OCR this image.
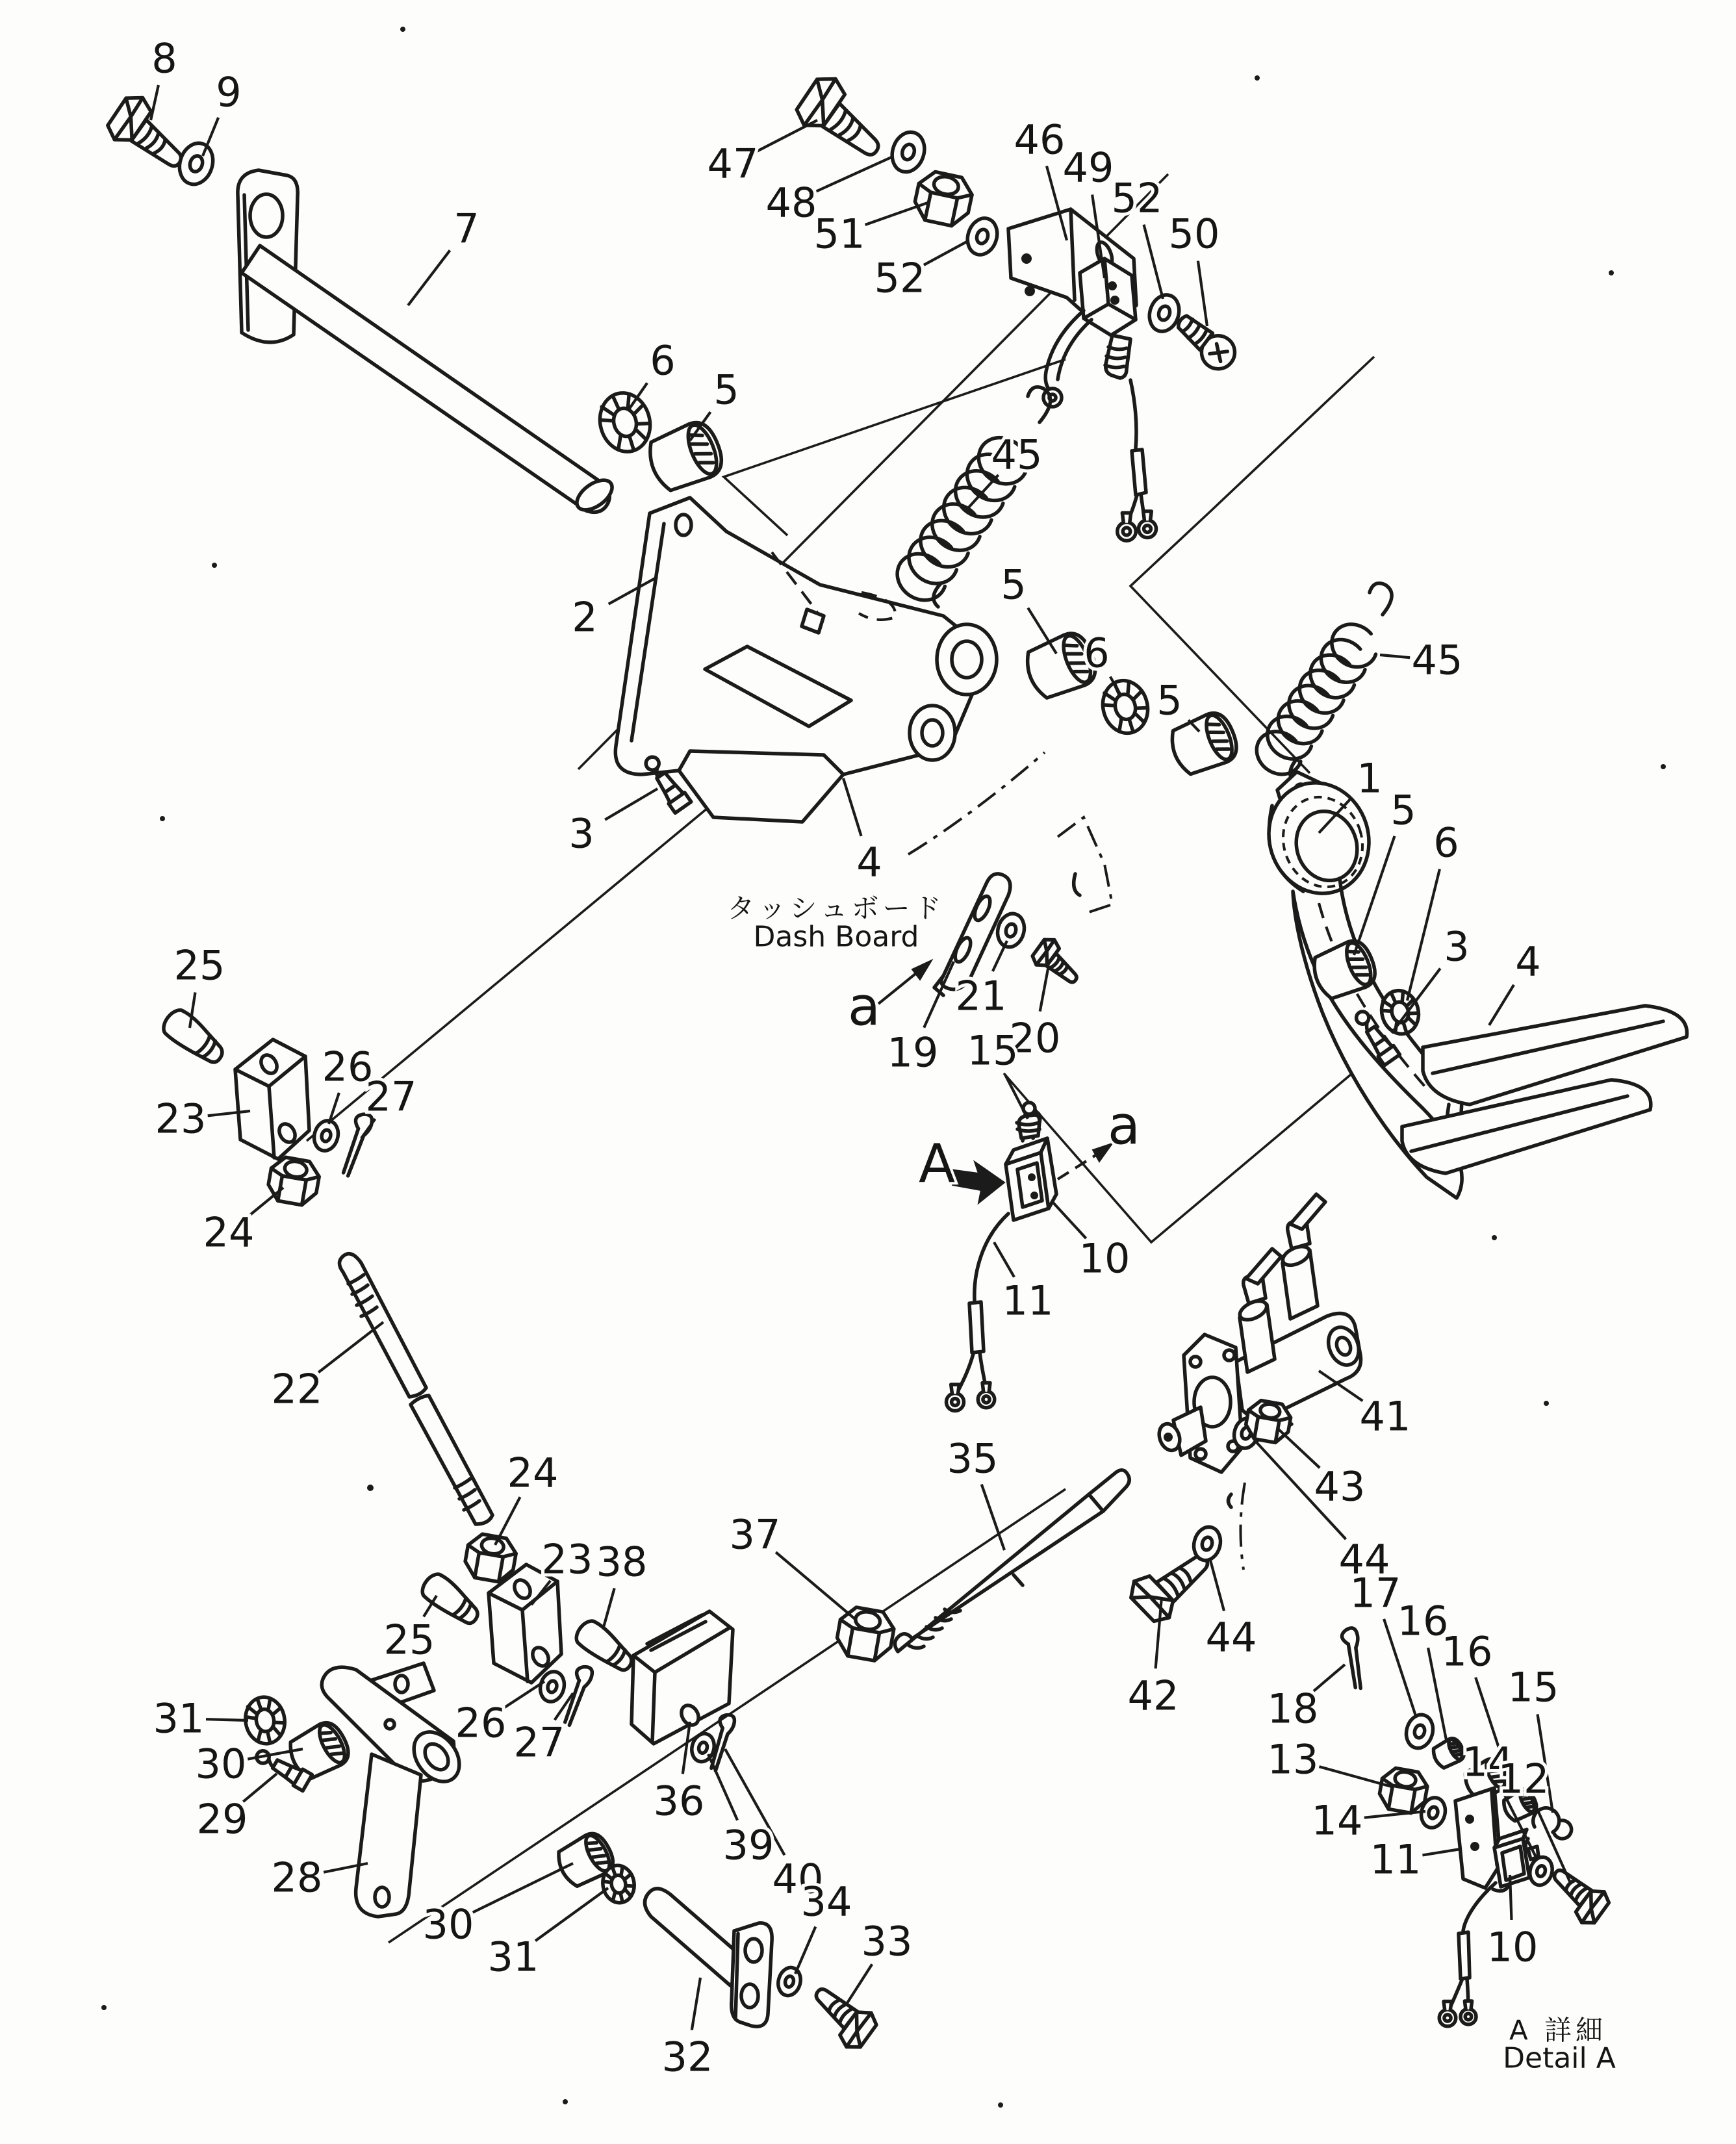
タッシュボード
Dash Board
A 詳細
Detail A
8
9
7
47
48
51
52
46
49
52
50
6
5
2
45
5
6
5
45
1
5
6
3 4
3
4
19
21
20
15
10
11
25
23
26
27
24
22
24
23 38
37
35
42
44
44
43
41
25
26 27
31
30
29
28
36
39
40
34
33
32
30
31
18
17
16
16
15
13
14
11
14
12
10
A
a
a
